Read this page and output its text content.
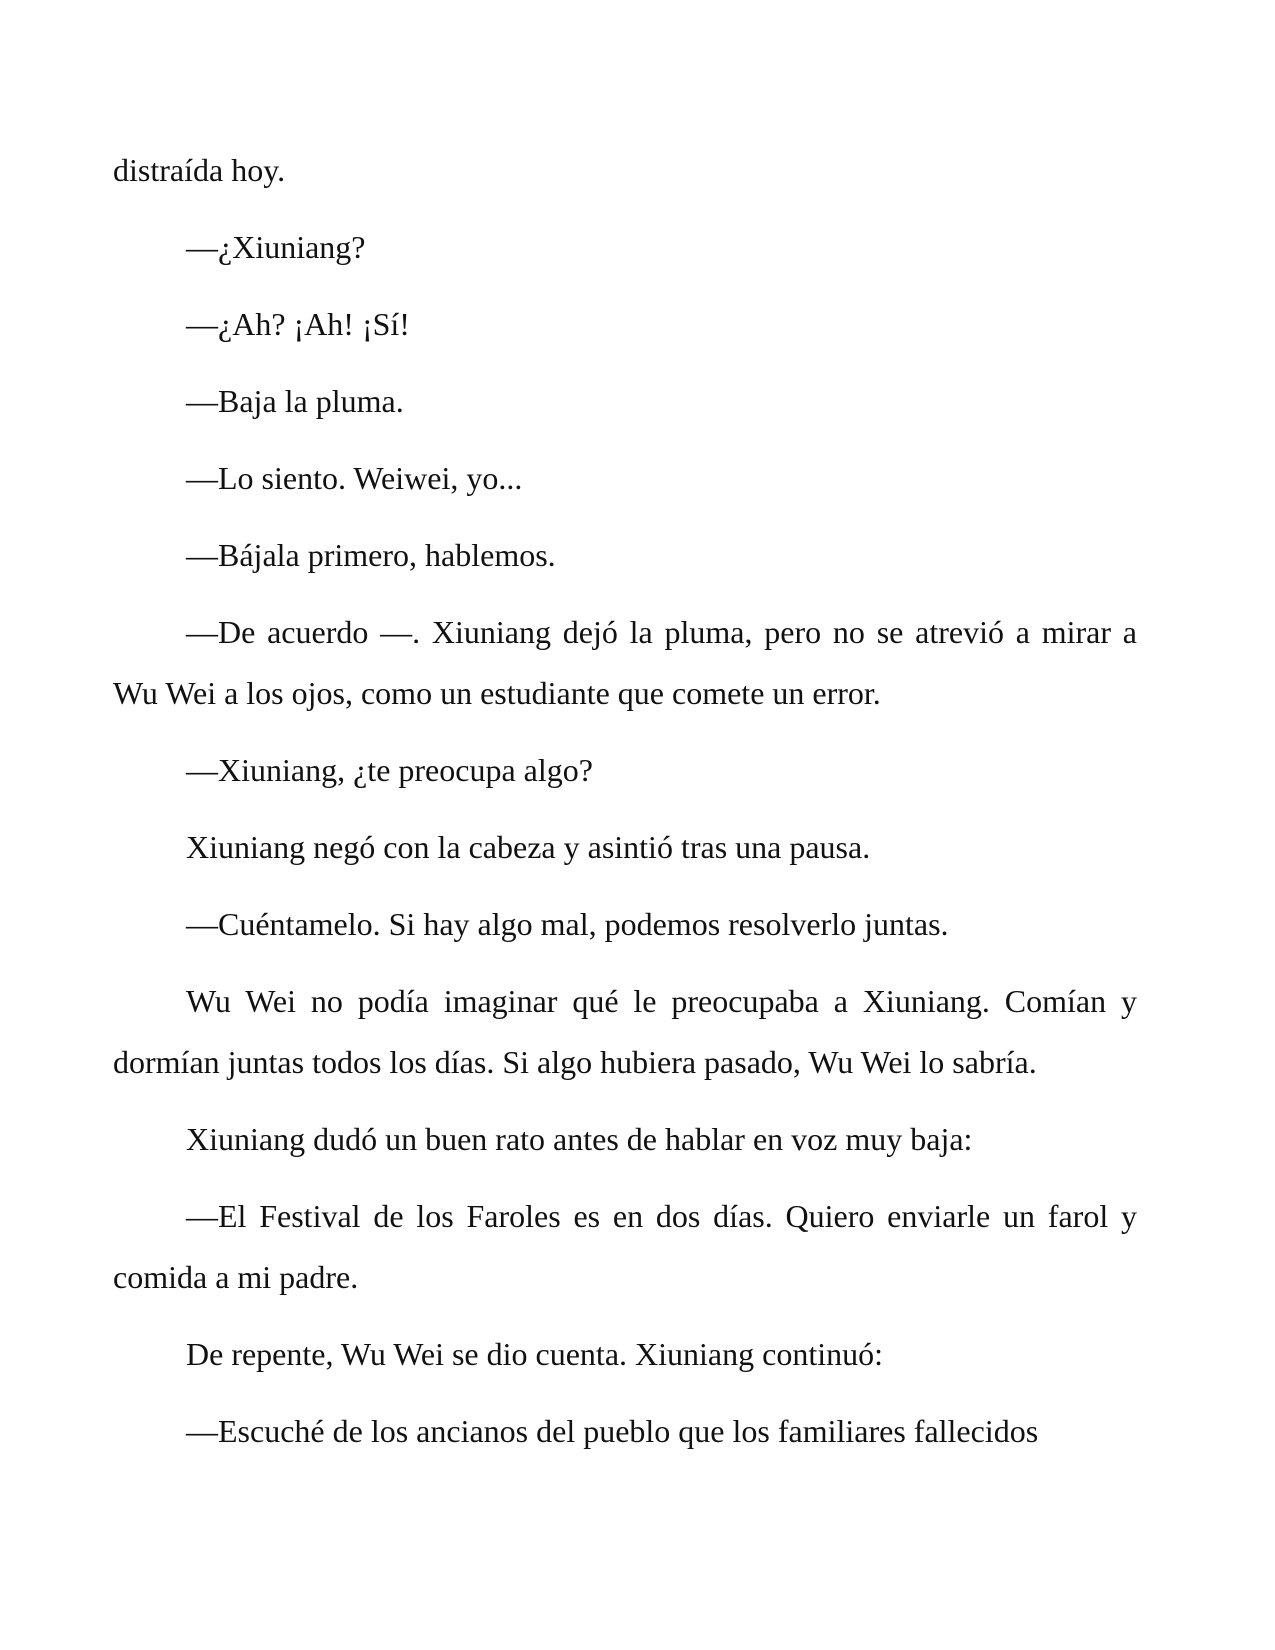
distraída hoy.

—¿Xiuniang?

—¿Ah? ¡Ah! ¡Sí!

—Baja la pluma.

—Lo siento. Weiwei, yo...

—Bájala primero, hablemos.

—De acuerdo —. Xiuniang dejó la pluma, pero no se atrevió a mirar a Wu Wei a los ojos, como un estudiante que comete un error.

—Xiuniang, ¿te preocupa algo?

Xiuniang negó con la cabeza y asintió tras una pausa.

—Cuéntamelo. Si hay algo mal, podemos resolverlo juntas.

Wu Wei no podía imaginar qué le preocupaba a Xiuniang. Comían y dormían juntas todos los días. Si algo hubiera pasado, Wu Wei lo sabría.

Xiuniang dudó un buen rato antes de hablar en voz muy baja:

—El Festival de los Faroles es en dos días. Quiero enviarle un farol y comida a mi padre.

De repente, Wu Wei se dio cuenta. Xiuniang continuó:

—Escuché de los ancianos del pueblo que los familiares fallecidos
